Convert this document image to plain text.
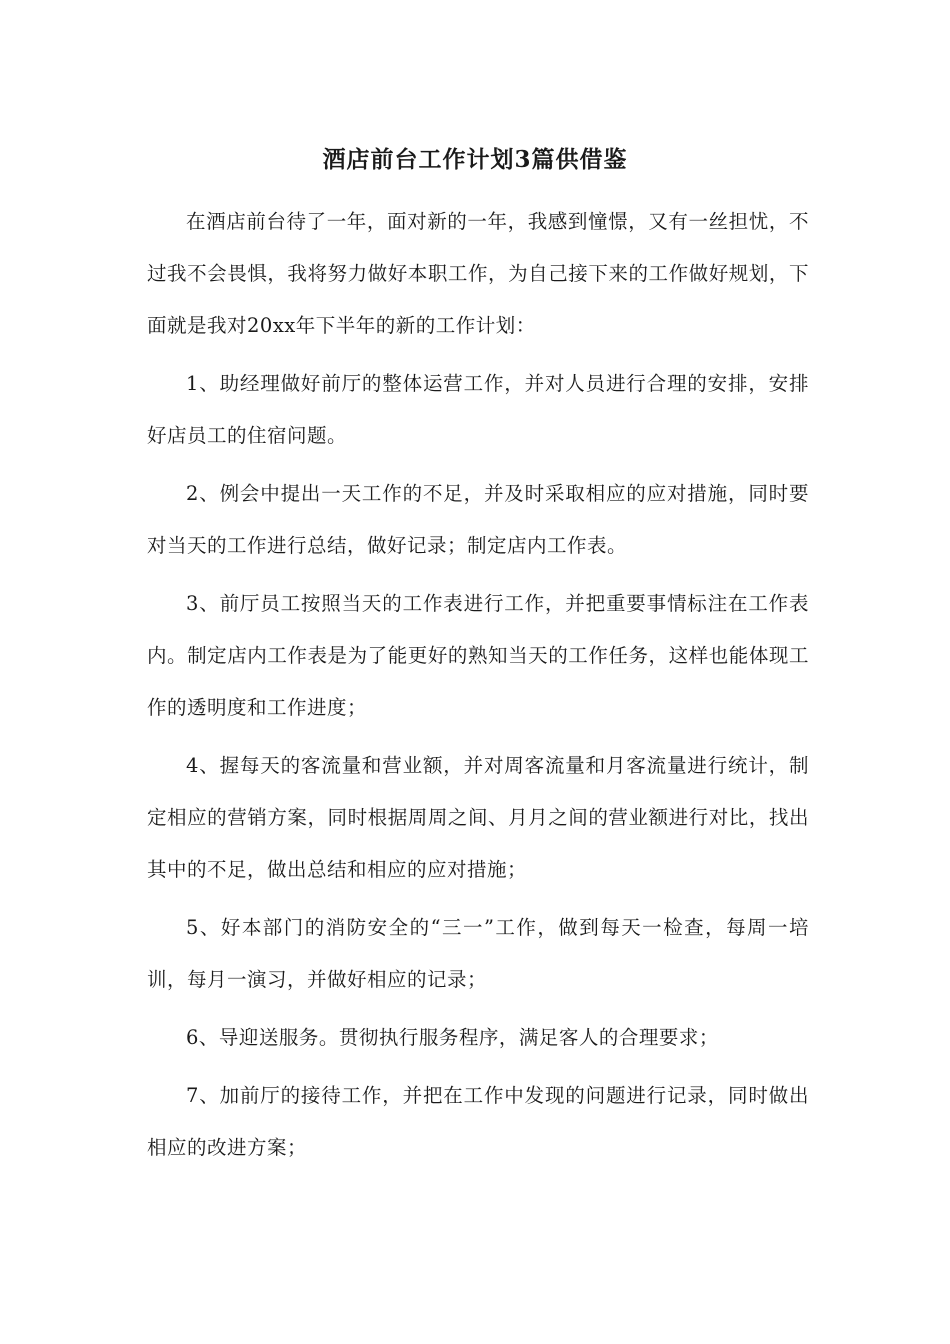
酒店前台工作计划3篇供借鉴

在酒店前台待了一年，面对新的一年，我感到憧憬，又有一丝担忧，不过我不会畏惧，我将努力做好本职工作，为自己接下来的工作做好规划，下面就是我对20xx年下半年的新的工作计划：

1、助经理做好前厅的整体运营工作，并对人员进行合理的安排，安排好店员工的住宿问题。

2、例会中提出一天工作的不足，并及时采取相应的应对措施，同时要对当天的工作进行总结，做好记录；制定店内工作表。

3、前厅员工按照当天的工作表进行工作，并把重要事情标注在工作表内。制定店内工作表是为了能更好的熟知当天的工作任务，这样也能体现工作的透明度和工作进度；

4、握每天的客流量和营业额，并对周客流量和月客流量进行统计，制定相应的营销方案，同时根据周周之间、月月之间的营业额进行对比，找出其中的不足，做出总结和相应的应对措施；

5、好本部门的消防安全的“三一”工作，做到每天一检查，每周一培训，每月一演习，并做好相应的记录；

6、导迎送服务。贯彻执行服务程序，满足客人的合理要求；

7、加前厅的接待工作，并把在工作中发现的问题进行记录，同时做出相应的改进方案；
